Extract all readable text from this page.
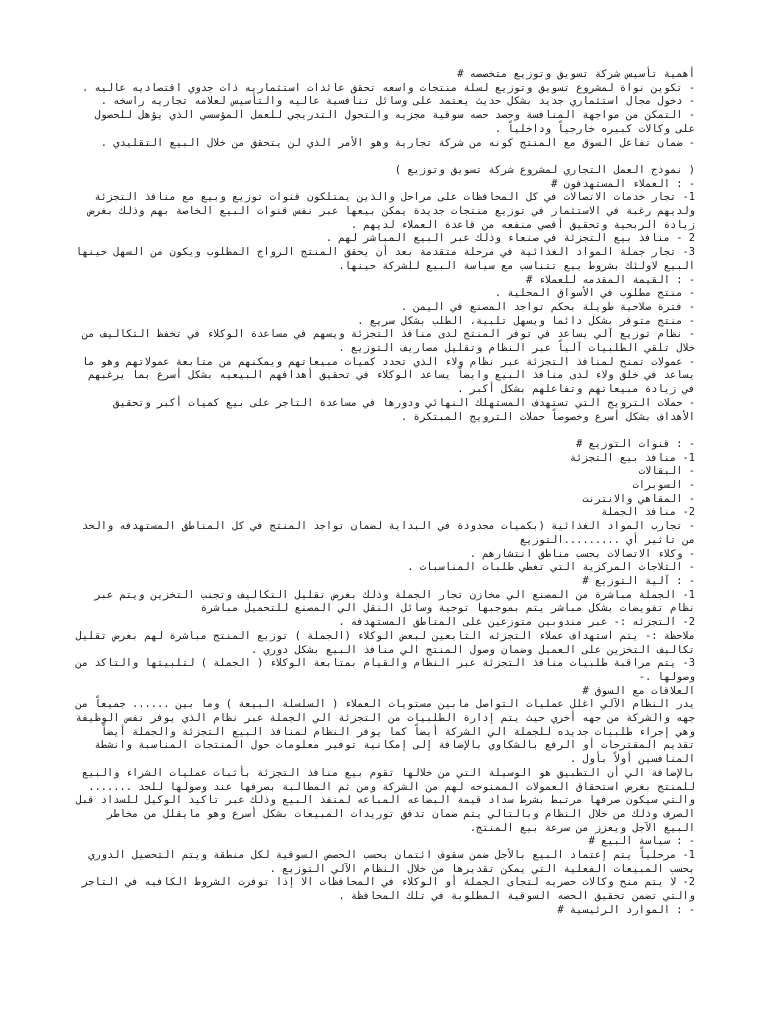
أهمية تأسيس شركة تسويق وتوزيع متخصصه #
- تكوين نواة لمشروع تسويق وتوزيع لسلة منتجات واسعه تحقق عائدات استثماريه ذات جدوي اقتصاديه عاليه .
- دخول مجال استثماري جديد بشكل حديث يعتمد على وسائل تنافسية عاليه والتأسيس لعلامه تجاريه راسخه .
- التمكن من مواجهة المنافسة وحصد حصه سوقية مجزيه والتحول التدريجي للعمل المؤسسي الذي يؤهل للحصول على وكالات كبيره خارجياً وداخلياً .
- ضمان تفاعل السوق مع المنتج كونه من شركة تجارية وهو الأمر الذي لن يتحقق من خلال البيع التقليدي .
( نموذج العمل التجاري لمشروع شركة تسويق وتوزيع )
- : العملاء المستهدفون #
1- تجار خدمات الاتصالات في كل المحافظات على مراحل والذين يمتلكون قنوات توزيع وبيع مع منافذ التجزئة ولديهم رغبة في الاستثمار في توزيع منتجات جديدة يمكن بيعها عبر نفس قنوات البيع الخاصة بهم وذلك بغرض زيادة الربحية وتحقيق أقصي منفعه من قاعدة العملاء لديهم .
2 - منافذ بيع التجزئة في صنعاء وذلك عبر البيع المباشر لهم .
3- تجار جملة المواد الغذائية في مرحلة متقدمة بعد أن يحقق المنتج الرواج المطلوب ويكون من السهل حينها البيع لاولئك بشروط بيع تتناسب مع سياسة البيع للشركة حينها.
- : القيمة المقدمه للعملاء #
- منتج مطلوب في الأسواق المحلية .
- فترة صلاحية طويلة بحكم تواجد المصنع في اليمن .
- منتج متوفر بشكل دائما ويسهل تلبية، الطلب بشكل سريع .
- نظام توزيع آلي يساعد في توفر المنتج لدى منافذ التجزئة ويسهم في مساعدة الوكلاء في تخفظ التكاليف من خلال تلقي الطلبيات آلياً عبر النظام وتقليل مصاريف التوزيع .
- عمولات تمنح لمنافذ التجزئة عبر نظام ولاء الذي تحدد كميات مبيعاتهم ويمكنهم من متابعة عمولاتهم وهو ما يساعد في خلق ولاء لدى منافذ البيع وايضاً يساعد الوكلاء في تحقيق أهدافهم البيعيه بشكل أسرع بما يرغبهم في زيادة مبيعاتهم وتفاعلهم بشكل أكبر .
- حملات الترويج التي تستهدف المستهلك النهائي ودورها في مساعدة التاجر على بيع كميات أكبر وتحقيق الأهداف بشكل أسرع وخصوصاً حملات الترويج المبتكرة .
- : قنوات التوزيع #
1- منافذ بيع التجزئة
- البقالات
- السوبرات
- المقاهي والانترنت
2- منافذ الجملة
- تجارب المواد الغذائية (بكميات محدودة في البداية لضمان تواجد المنتج في كل المناطق المستهدفه والحد من تاثير أي .........التوزيع
- وكلاء الاتصالات بحسب مناطق انتشارهم .
- الثلاجات المركزية التي تغطي طلبات المناسبات .
- : آلية التوزيع #
1- الجملة مباشرة من المصنع الي مخازن تجار الجملة وذلك بغرض تقليل التكاليف وتجنب التخزين ويتم عبر نظام تفويضات بشكل مباشر يتم بموجبها توجية وسائل النقل الي المصنع للتحميل مباشرة
2- التجزئه :- عبر مندوبين متوزعين على المناطق المستهدفه .
ملاحظة :- يتم استهداف عملاء التجزئه التابعين لبعض الوكلاء (الجملة ) توزيع المنتج مباشرة لهم بغرض تقليل تكاليف التخزين على العميل وضمان وصول المنتج الي منافذ البيع بشكل دوري .
3- يتم مراقبة طلبيات منافذ التجزئة عبر النظام والقيام بمتابعة الوكلاء ( الجملة ) لتلبيتها والتاكد من وصولها .-
العلاقات مع السوق #
يدر النظام الآلي اغلل عمليات التواصل مابين مستويات العملاء ( السلسلة البيعة ) وما بين ...... جميعاً من جهه والشركة من جهه أخري حيث يتم إدارة الطلبيات من التجزئة الي الجملة عبر نظام الذي يوفر نفس الوظيفة وهي إجراء طلبيات جديده للجملة الي الشركة أيضاً كما يوفر النظام لمنافذ البيع التجزئة والجملة أيضاً تقديم المقترحات أو الرفع بالشكاوي بالإضافة إلى إمكانية توفير معلومات حول المنتجات المناسبة وانشطة المنافسين أولاً بأول .
بالإضافة الي أن التطبيق هو الوسيلة التي من خلالها تقوم بيع منافذ التجزئة بأثبات عمليات الشراء والبيع للمنتج بغرض استحقاق العمولات الممنوحه لهم من الشركة ومن ثم المطالبة بصرفها عند وصولها للحد ....... والتي سيكون صرفها مرتبط بشرط سداد قيمة البضاعه المباعه لمنفذ البيع وذلك عبر تاكيد الوكيل للسداد قبل الصرف وذلك من خلال النظام وبالتالي يتم ضمان تدفق توريدات المبيعات بشكل أسرع وهو مايقلل من مخاطر البيع الآجل ويعزز من سرعة بيع المنتج.
- : سياسة البيع #
1- مرحلياً يتم إعتماد البيع بالأجل ضمن سقوف ائتمان بحسب الحصص السوقية لكل منطقة ويتم التحصيل الدوري بحسب المبيعات الفعلية التي يمكن تقديرها من خلال النظام الآلي التوزيع .
2- لا يتم منح وكالات حصريه لتجاى الجملة أو الوكلاء في المحافظات الا إذا توفرت الشروط الكافيه في التاجر والتي تضمن تحقيق الحصه السوقية المطلوبة في تلك المحافظة .
- : الموارد الرئيسية #
